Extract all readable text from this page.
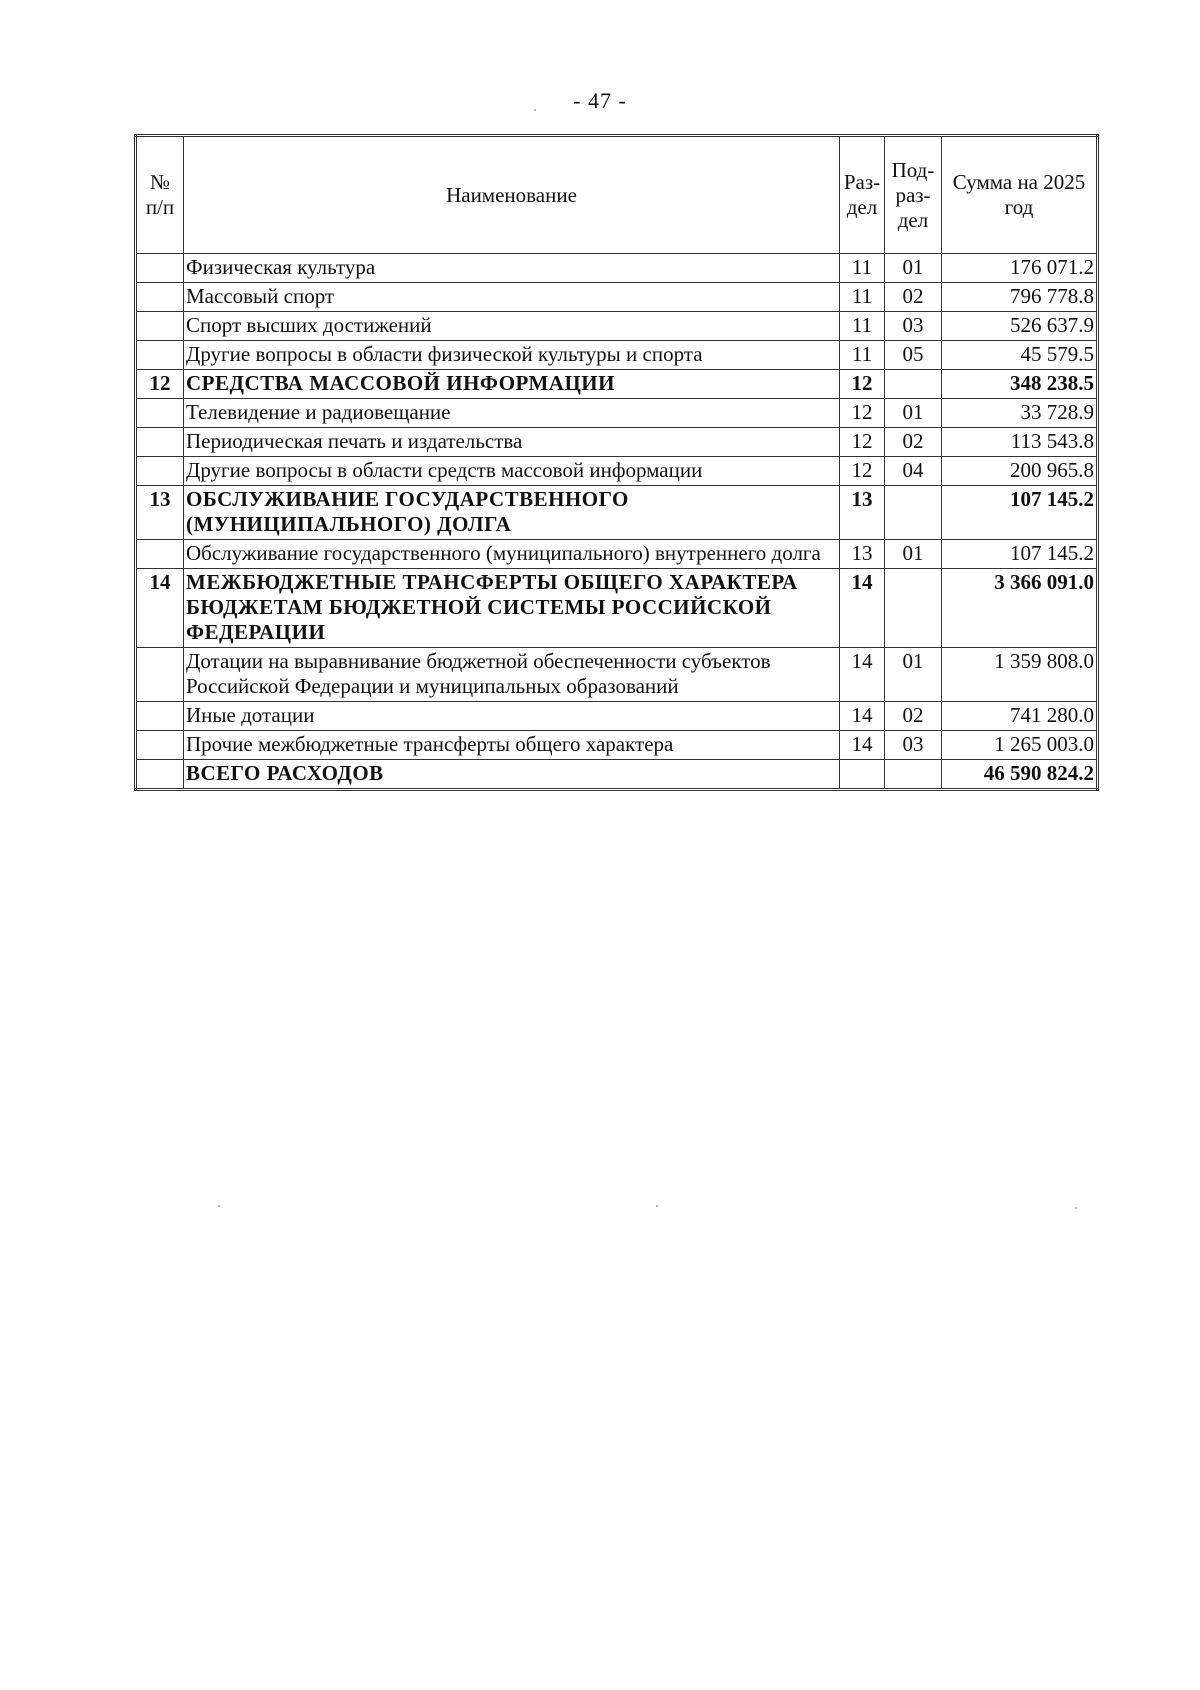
- 47 -
№ п/п	Наименование	Раз-дел	Под-раз-дел	Сумма на 2025 год
	Физическая культура	11	01	176 071.2
	Массовый спорт	11	02	796 778.8
	Спорт высших достижений	11	03	526 637.9
	Другие вопросы в области физической культуры и спорта	11	05	45 579.5
12	СРЕДСТВА МАССОВОЙ ИНФОРМАЦИИ	12		348 238.5
	Телевидение и радиовещание	12	01	33 728.9
	Периодическая печать и издательства	12	02	113 543.8
	Другие вопросы в области средств массовой информации	12	04	200 965.8
13	ОБСЛУЖИВАНИЕ ГОСУДАРСТВЕННОГО (МУНИЦИПАЛЬНОГО) ДОЛГА	13		107 145.2
	Обслуживание государственного (муниципального) внутреннего долга	13	01	107 145.2
14	МЕЖБЮДЖЕТНЫЕ ТРАНСФЕРТЫ ОБЩЕГО ХАРАКТЕРА БЮДЖЕТАМ БЮДЖЕТНОЙ СИСТЕМЫ РОССИЙСКОЙ ФЕДЕРАЦИИ	14		3 366 091.0
	Дотации на выравнивание бюджетной обеспеченности субъектов Российской Федерации и муниципальных образований	14	01	1 359 808.0
	Иные дотации	14	02	741 280.0
	Прочие межбюджетные трансферты общего характера	14	03	1 265 003.0
	ВСЕГО РАСХОДОВ			46 590 824.2
